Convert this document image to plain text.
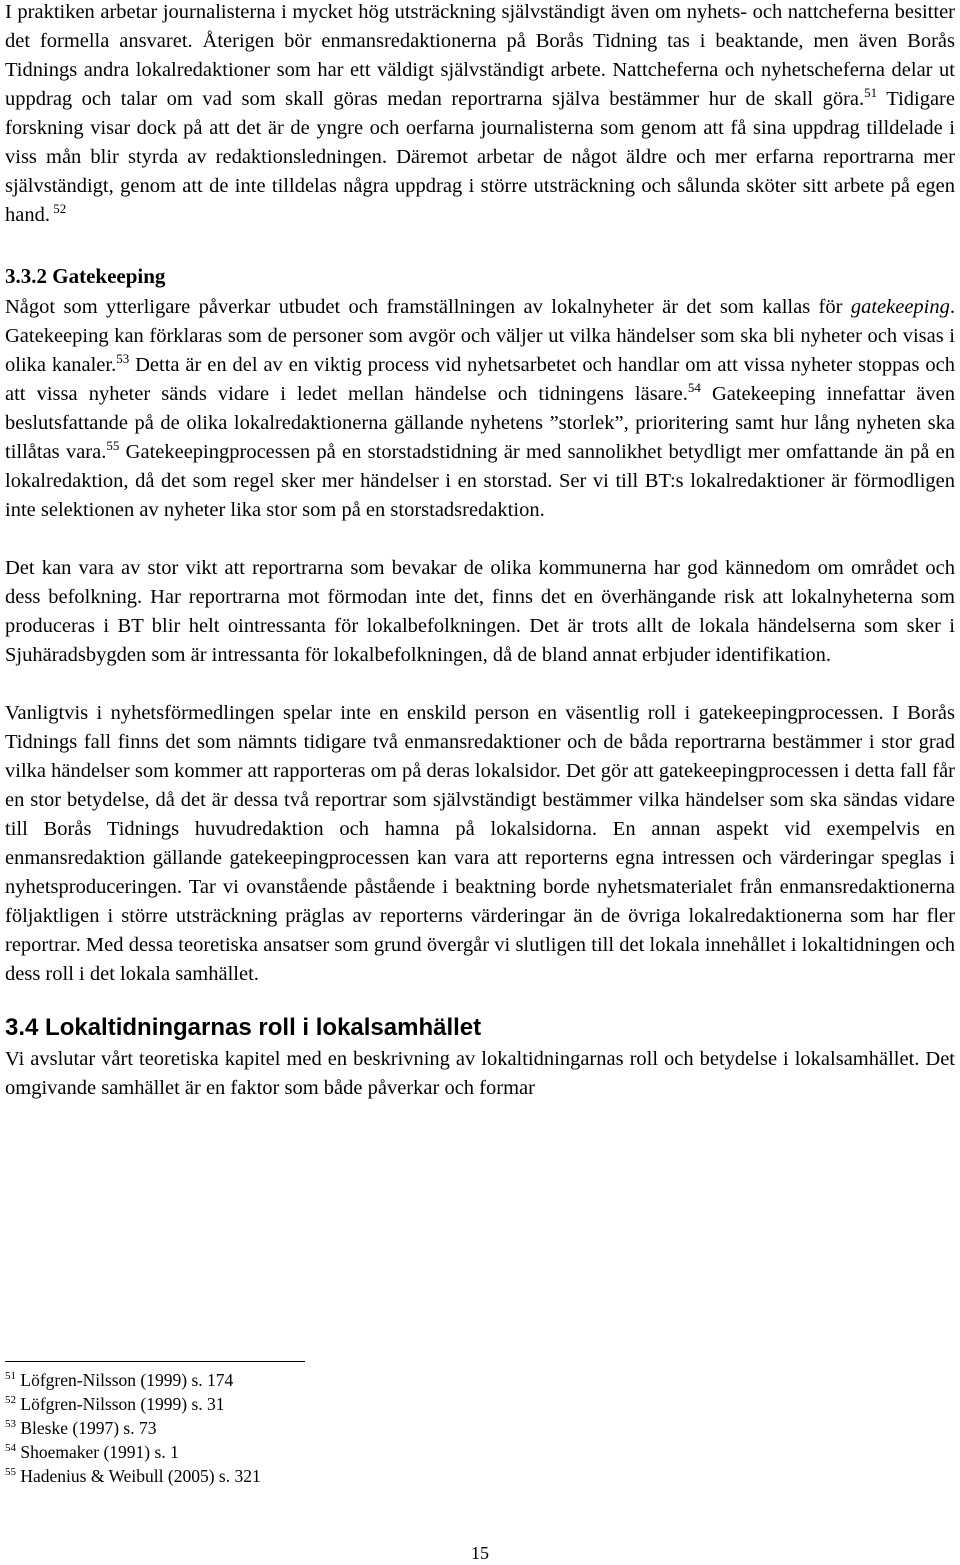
I praktiken arbetar journalisterna i mycket hög utsträckning självständigt även om nyhets- och nattcheferna besitter det formella ansvaret. Återigen bör enmansredaktionerna på Borås Tidning tas i beaktande, men även Borås Tidnings andra lokalredaktioner som har ett väldigt självständigt arbete. Nattcheferna och nyhetscheferna delar ut uppdrag och talar om vad som skall göras medan reportrarna själva bestämmer hur de skall göra.$^{51}$ Tidigare forskning visar dock på att det är de yngre och oerfarna journalisterna som genom att få sina uppdrag tilldelade i viss mån blir styrda av redaktionsledningen. Däremot arbetar de något äldre och mer erfarna reportrarna mer självständigt, genom att de inte tilldelas några uppdrag i större utsträckning och sålunda sköter sitt arbete på egen hand. $^{52}$

3.3.2 Gatekeeping

Något som ytterligare påverkar utbudet och framställningen av lokalnyheter är det som kallas för gatekeeping. Gatekeeping kan förklaras som de personer som avgör och väljer ut vilka händelser som ska bli nyheter och visas i olika kanaler.$^{53}$ Detta är en del av en viktig process vid nyhetsarbetet och handlar om att vissa nyheter stoppas och att vissa nyheter sänds vidare i ledet mellan händelse och tidningens läsare.$^{54}$ Gatekeeping innefattar även beslutsfattande på de olika lokalredaktionerna gällande nyhetens ”storlek”, prioritering samt hur lång nyheten ska tillåtas vara.$^{55}$ Gatekeepingprocessen på en storstadstidning är med sannolikhet betydligt mer omfattande än på en lokalredaktion, då det som regel sker mer händelser i en storstad. Ser vi till BT:s lokalredaktioner är förmodligen inte selektionen av nyheter lika stor som på en storstadsredaktion.

Det kan vara av stor vikt att reportrarna som bevakar de olika kommunerna har god kännedom om området och dess befolkning. Har reportrarna mot förmodan inte det, finns det en överhängande risk att lokalnyheterna som produceras i BT blir helt ointressanta för lokalbefolkningen. Det är trots allt de lokala händelserna som sker i Sjuhäradsbygden som är intressanta för lokalbefolkningen, då de bland annat erbjuder identifikation.

Vanligtvis i nyhetsförmedlingen spelar inte en enskild person en väsentlig roll i gatekeepingprocessen. I Borås Tidnings fall finns det som nämnts tidigare två enmansredaktioner och de båda reportrarna bestämmer i stor grad vilka händelser som kommer att rapporteras om på deras lokalsidor. Det gör att gatekeepingprocessen i detta fall får en stor betydelse, då det är dessa två reportrar som självständigt bestämmer vilka händelser som ska sändas vidare till Borås Tidnings huvudredaktion och hamna på lokalsidorna. En annan aspekt vid exempelvis en enmansredaktion gällande gatekeepingprocessen kan vara att reporterns egna intressen och värderingar speglas i nyhetsproduceringen. Tar vi ovanstående påstående i beaktning borde nyhetsmaterialet från enmansredaktionerna följaktligen i större utsträckning präglas av reporterns värderingar än de övriga lokalredaktionerna som har fler reportrar. Med dessa teoretiska ansatser som grund övergår vi slutligen till det lokala innehållet i lokaltidningen och dess roll i det lokala samhället.

3.4 Lokaltidningarnas roll i lokalsamhället

Vi avslutar vårt teoretiska kapitel med en beskrivning av lokaltidningarnas roll och betydelse i lokalsamhället. Det omgivande samhället är en faktor som både påverkar och formar

$^{51}$ Löfgren-Nilsson (1999) s. 174

$^{52}$ Löfgren-Nilsson (1999) s. 31

$^{53}$ Bleske (1997) s. 73

$^{54}$ Shoemaker (1991) s. 1

$^{55}$ Hadenius & Weibull (2005) s. 321

15
